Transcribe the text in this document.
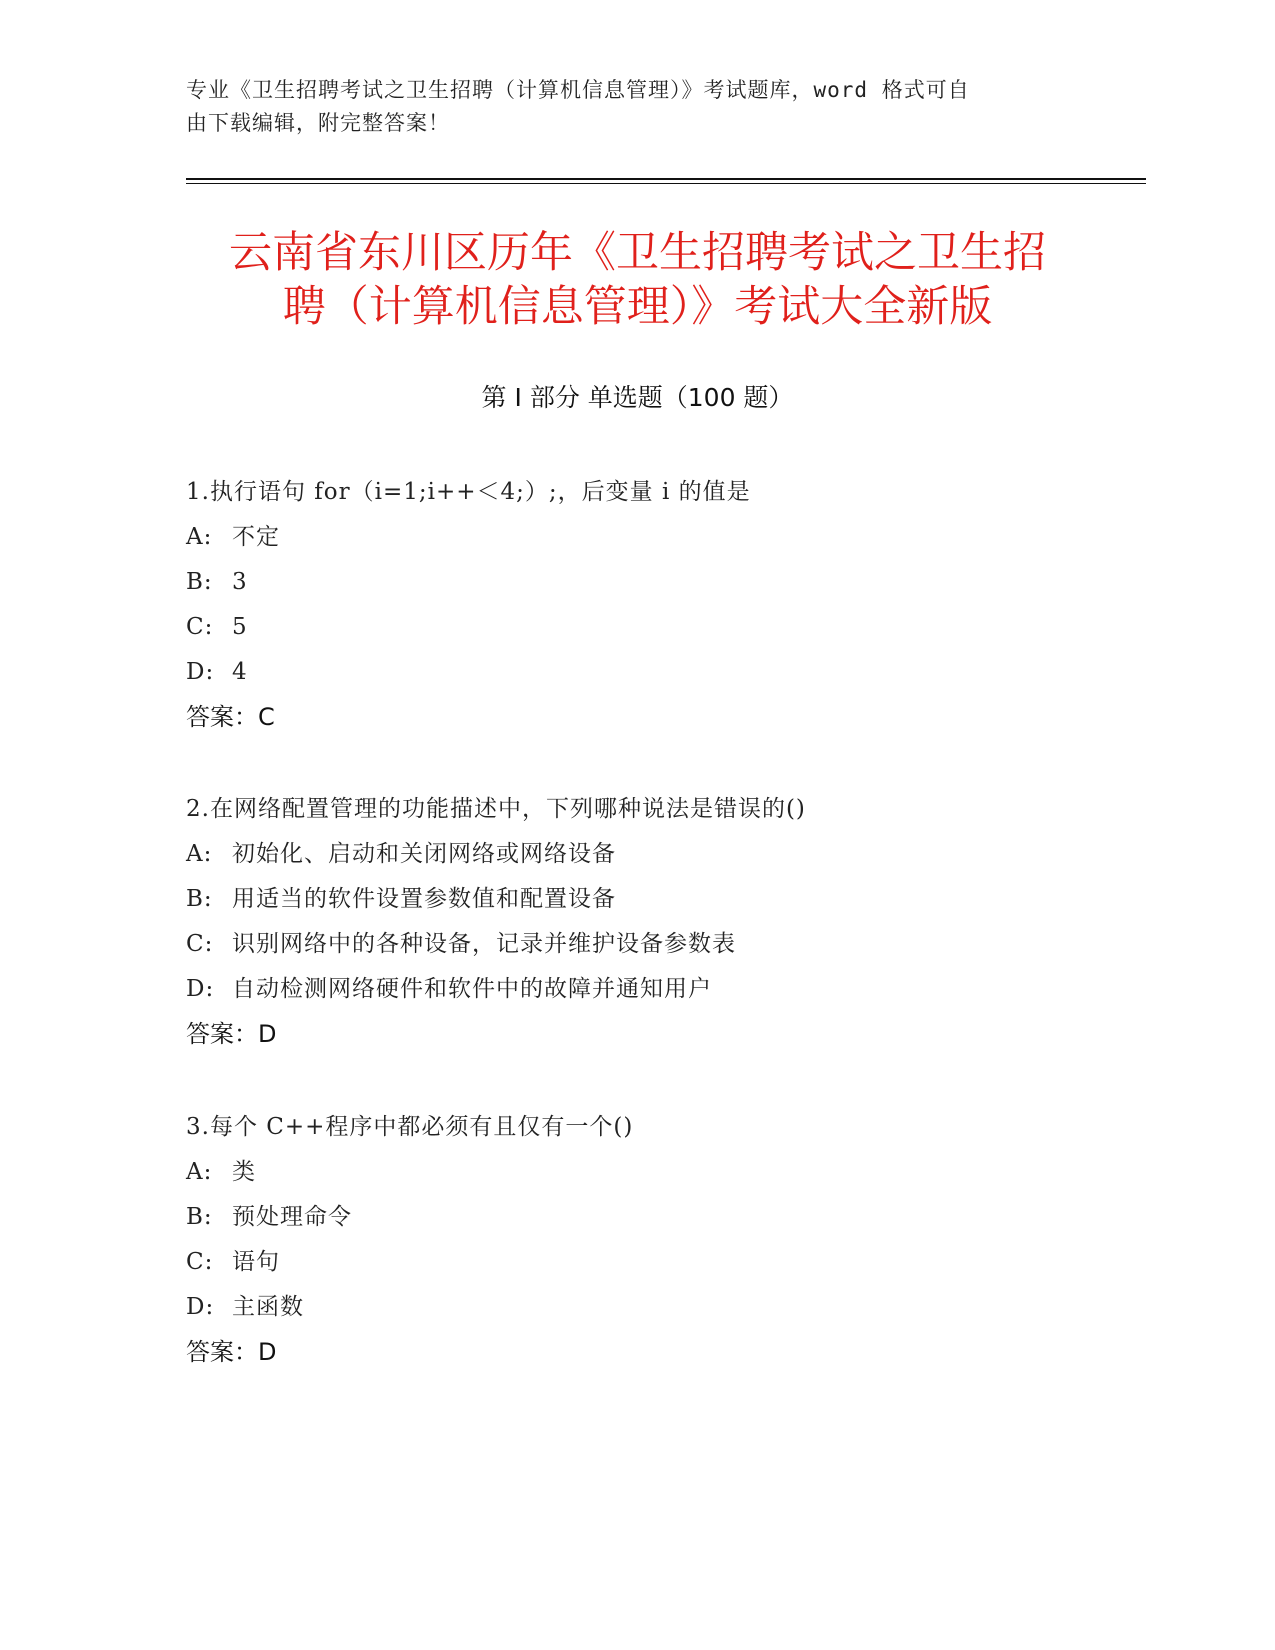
专业《卫生招聘考试之卫生招聘（计算机信息管理）》考试题库，word 格式可自
由下载编辑，附完整答案！
云南省东川区历年《卫生招聘考试之卫生招
聘（计算机信息管理）》考试大全新版
第 I 部分 单选题（100 题）
1.执行语句 for（i=1;i++＜4;）;，后变量 i 的值是
A: 不定
B: 3
C: 5
D: 4
答案：C
2.在网络配置管理的功能描述中，下列哪种说法是错误的()
A: 初始化、启动和关闭网络或网络设备
B: 用适当的软件设置参数值和配置设备
C: 识别网络中的各种设备，记录并维护设备参数表
D: 自动检测网络硬件和软件中的故障并通知用户
答案：D
3.每个 C++程序中都必须有且仅有一个()
A: 类
B: 预处理命令
C: 语句
D: 主函数
答案：D
